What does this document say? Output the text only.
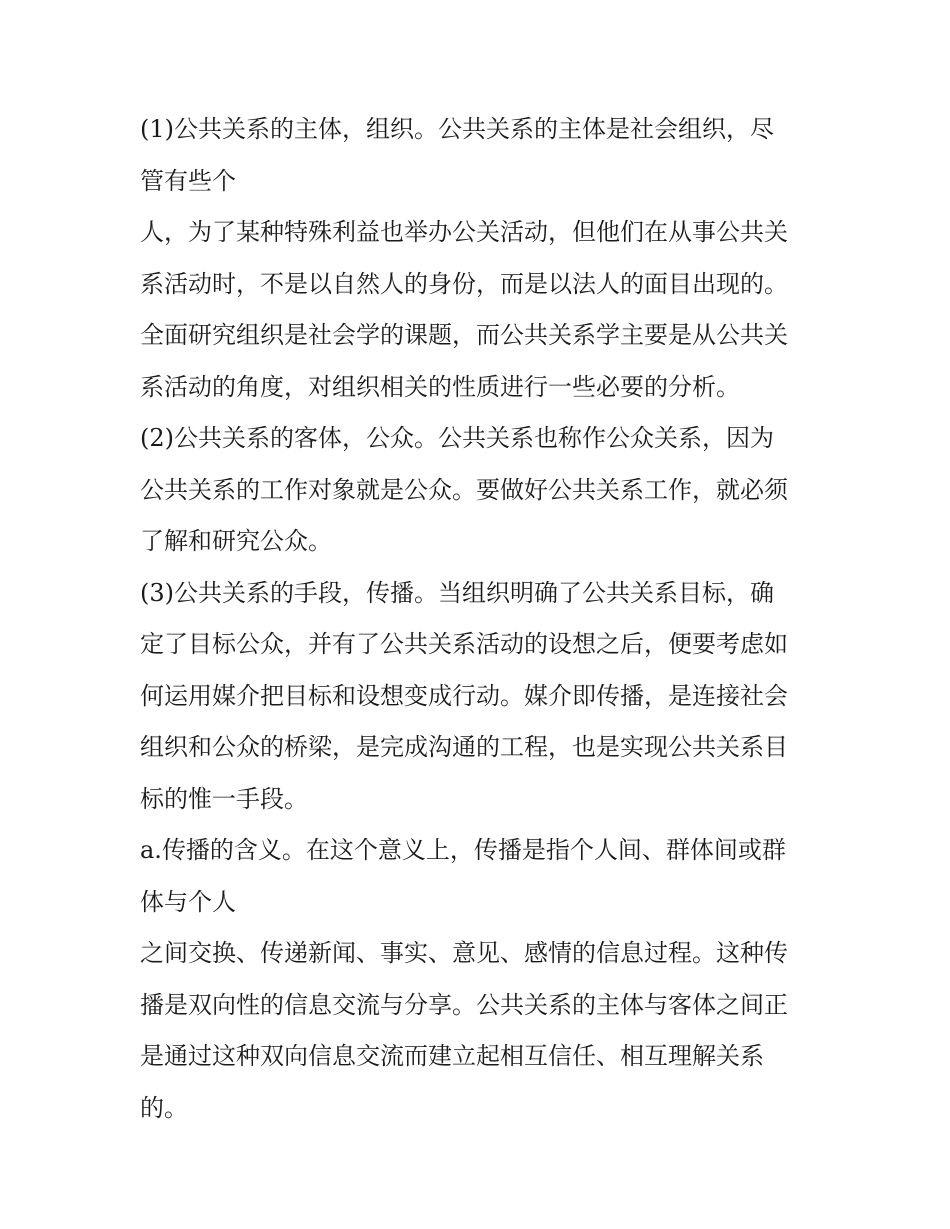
(1)公共关系的主体，组织。公共关系的主体是社会组织，尽
管有些个
人，为了某种特殊利益也举办公关活动，但他们在从事公共关
系活动时，不是以自然人的身份，而是以法人的面目出现的。
全面研究组织是社会学的课题，而公共关系学主要是从公共关
系活动的角度，对组织相关的性质进行一些必要的分析。
(2)公共关系的客体，公众。公共关系也称作公众关系，因为
公共关系的工作对象就是公众。要做好公共关系工作，就必须
了解和研究公众。
(3)公共关系的手段，传播。当组织明确了公共关系目标，确
定了目标公众，并有了公共关系活动的设想之后，便要考虑如
何运用媒介把目标和设想变成行动。媒介即传播，是连接社会
组织和公众的桥梁，是完成沟通的工程，也是实现公共关系目
标的惟一手段。
a.传播的含义。在这个意义上，传播是指个人间、群体间或群
体与个人
之间交换、传递新闻、事实、意见、感情的信息过程。这种传
播是双向性的信息交流与分享。公共关系的主体与客体之间正
是通过这种双向信息交流而建立起相互信任、相互理解关系
的。
